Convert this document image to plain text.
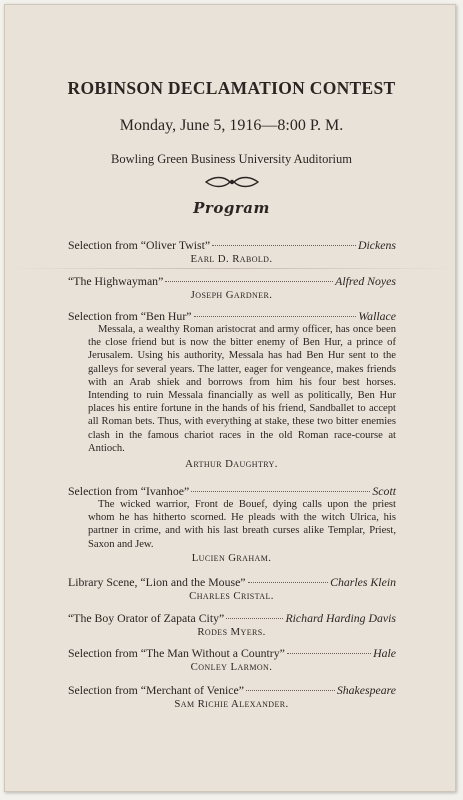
ROBINSON DECLAMATION CONTEST
Monday, June 5, 1916—8:00 P. M.
Bowling Green Business University Auditorium
Program
Selection from “Oliver Twist”	Dickens
Earl D. Rabold.
“The Highwayman”	Alfred Noyes
Joseph Gardner.
Selection from “Ben Hur”	Wallace
Messala, a wealthy Roman aristocrat and army officer, has once been the close friend but is now the bitter enemy of Ben Hur, a prince of Jerusalem. Using his authority, Messala has had Ben Hur sent to the galleys for several years. The latter, eager for vengeance, makes friends with an Arab shiek and borrows from him his four best horses. Intending to ruin Messala financially as well as politically, Ben Hur places his entire fortune in the hands of his friend, Sandballet to accept all Roman bets. Thus, with everything at stake, these two bitter enemies clash in the famous chariot races in the old Roman race-course at Antioch.
Arthur Daughtry.
Selection from “Ivanhoe”	Scott
The wicked warrior, Front de Bouef, dying calls upon the priest whom he has hitherto scorned. He pleads with the witch Ulrica, his partner in crime, and with his last breath curses alike Templar, Priest, Saxon and Jew.
Lucien Graham.
Library Scene, “Lion and the Mouse”	Charles Klein
Charles Cristal.
“The Boy Orator of Zapata City”	Richard Harding Davis
Rodes Myers.
Selection from “The Man Without a Country”	Hale
Conley Larmon.
Selection from “Merchant of Venice”	Shakespeare
Sam Richie Alexander.
